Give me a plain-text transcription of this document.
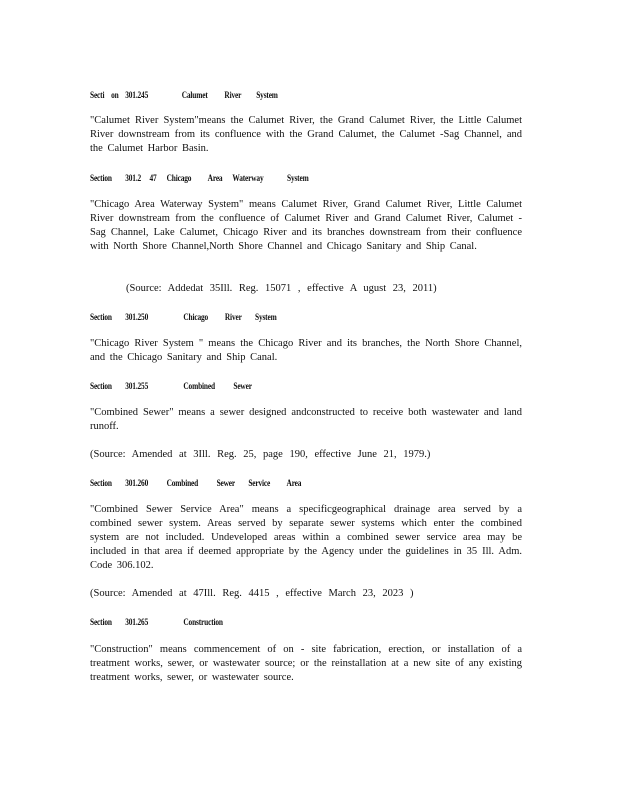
Secti    on    301.245                    Calumet          River         System
"Calumet River System"means the Calumet River, the Grand Calumet River, the Little Calumet River downstream from its confluence with the Grand Calumet, the Calumet -Sag Channel, and the Calumet Harbor Basin.
Section        301.2     47      Chicago          Area      Waterway              System
"Chicago Area Waterway System" means Calumet River, Grand Calumet River, Little Calumet River downstream from the confluence of Calumet River and Grand Calumet River, Calumet -Sag Channel, Lake Calumet, Chicago River and its branches downstream from their confluence with North Shore Channel,North Shore Channel and Chicago Sanitary and Ship Canal.
(Source: Addedat 35Ill. Reg. 15071 , effective A ugust 23, 2011)
Section        301.250                     Chicago          River        System
"Chicago River System " means the Chicago River and its branches, the North Shore Channel, and the Chicago Sanitary and Ship Canal.
Section        301.255                     Combined           Sewer
"Combined Sewer" means a sewer designed andconstructed to receive both wastewater and land runoff.
(Source: Amended at 3Ill. Reg. 25, page 190, effective June 21, 1979.)
Section        301.260           Combined           Sewer        Service          Area
"Combined Sewer Service Area" means a specificgeographical drainage area served by a combined sewer system. Areas served by separate sewer systems which enter the combined system are not included. Undeveloped areas within a combined sewer service area may be included in that area if deemed appropriate by the Agency under the guidelines in 35 Ill. Adm. Code 306.102.
(Source: Amended at 47Ill. Reg. 4415 , effective March 23, 2023 )
Section        301.265                     Construction
"Construction" means commencement of on - site fabrication, erection, or installation of a treatment works, sewer, or wastewater source; or the reinstallation at a new site of any existing treatment works, sewer, or wastewater source.
